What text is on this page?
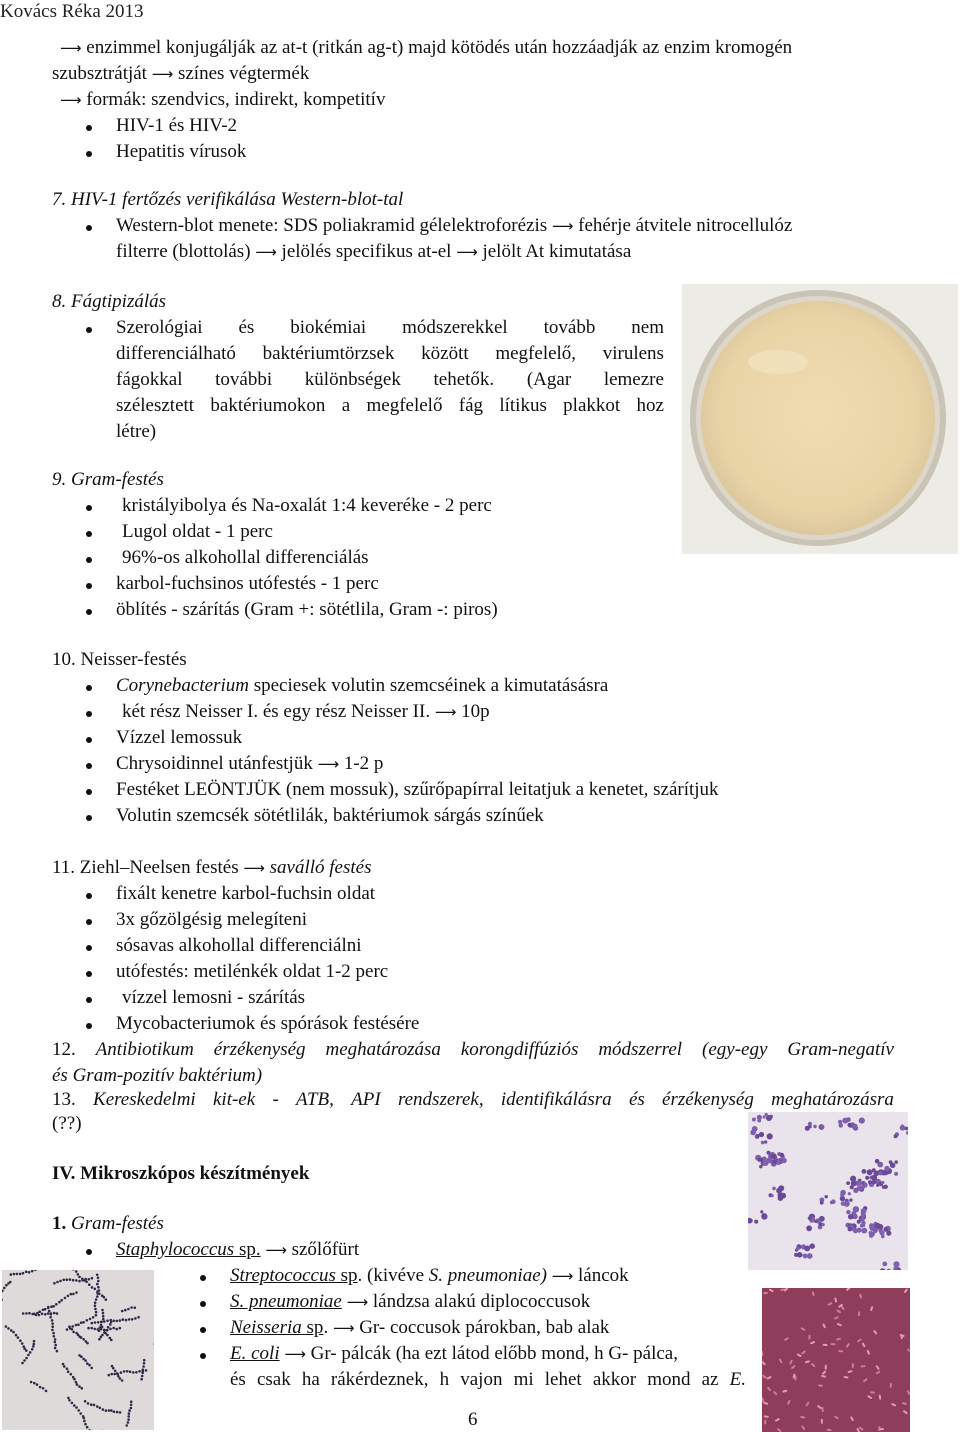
Kovács Réka 2013
⟶ enzimmel konjugálják az at-t (ritkán ag-t) majd kötödés után hozzáadják az enzim kromogén
szubsztrátját ⟶ színes végtermék
⟶ formák: szendvics, indirekt, kompetitív
HIV-1 és HIV-2
Hepatitis vírusok
7. HIV-1 fertőzés verifikálása Western-blot-tal
Western-blot menete: SDS poliakramid gélelektroforézis ⟶ fehérje átvitele nitrocellulóz
filterre (blottolás) ⟶ jelölés specifikus at-el ⟶ jelölt At kimutatása
8. Fágtipizálás
Szerológiai és biokémiai módszerekkel tovább nem
differenciálható baktériumtörzsek között megfelelő, virulens
fágokkal további különbségek tehetők. (Agar lemezre
szélesztett baktériumokon a megfelelő fág lítikus plakkot hoz
létre)
9. Gram-festés
kristályibolya és Na-oxalát 1:4 keveréke - 2 perc
Lugol oldat - 1 perc
96%-os alkohollal differenciálás
karbol-fuchsinos utófestés - 1 perc
öblítés - szárítás (Gram +: sötétlila, Gram -: piros)
10. Neisser-festés
Corynebacterium speciesek volutin szemcséinek a kimutatásásra
két rész Neisser I. és egy rész Neisser II. ⟶ 10p
Vízzel lemossuk
Chrysoidinnel utánfestjük ⟶ 1-2 p
Festéket LEÖNTJÜK (nem mossuk), szűrőpapírral leitatjuk a kenetet, szárítjuk
Volutin szemcsék sötétlilák, baktériumok sárgás színűek
11. Ziehl–Neelsen festés ⟶ saválló festés
fixált kenetre karbol-fuchsin oldat
3x gőzölgésig melegíteni
sósavas alkohollal differenciálni
utófestés: metilénkék oldat 1-2 perc
vízzel lemosni - szárítás
Mycobacteriumok és spórások festésére
12. Antibiotikum érzékenység meghatározása korongdiffúziós módszerrel (egy-egy Gram-negatív
és Gram-pozitív baktérium)
13. Kereskedelmi kit-ek - ATB, API rendszerek, identifikálásra és érzékenység meghatározásra
(??)
IV. Mikroszkópos készítmények
1. Gram-festés
Staphylococcus sp. ⟶ szőlőfürt
Streptococcus sp. (kivéve S. pneumoniae) ⟶ láncok
S. pneumoniae ⟶ lándzsa alakú diplococcusok
Neisseria sp. ⟶ Gr- coccusok párokban, bab alak
E. coli ⟶ Gr- pálcák (ha ezt látod előbb mond, h G- pálca,
és csak ha rákérdeznek, h vajon mi lehet akkor mond az E.
6
